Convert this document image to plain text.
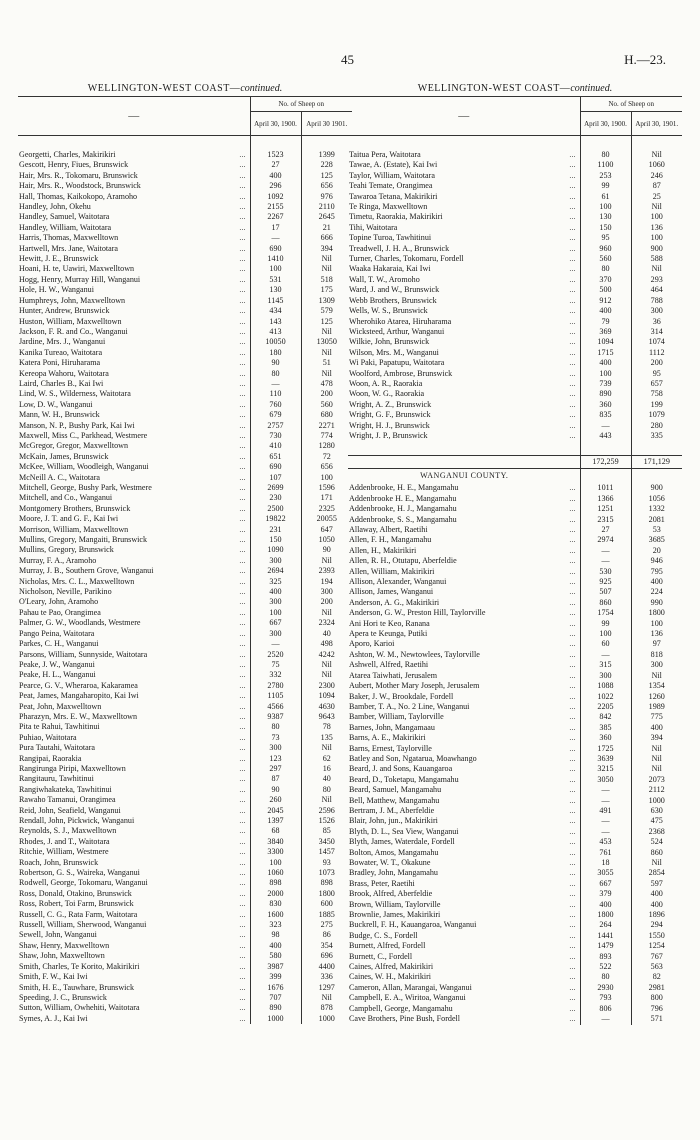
45	H.—23.
WELLINGTON-WEST COAST—continued.
—	No. of Sheep on	
	April 30, 1900.	April 30 1901.

Georgetti, Charles, Makirikiri ...	1523	1399
Gescott, Henry, Fiues, Brunswick ...	27	228
Hair, Mrs. R., Tokomaru, Brunswick ...	400	125
Hair, Mrs. R., Woodstock, Brunswick ...	296	656
Hall, Thomas, Kaikokopo, Aramoho ...	1092	976
Handley, John, Okehu ...	2155	2110
Handley, Samuel, Waitotara ...	2267	2645
Handley, William, Waitotara ...	17	21
Harris, Thomas, Maxwelltown ...	—	666
Hartwell, Mrs. Jane, Waitotara ...	690	394
Hewitt, J. E., Brunswick ...	1410	Nil
Hoani, H. te, Uawiri, Maxwelltown ...	100	Nil
Hogg, Henry, Murray Hill, Wanganui ...	531	518
Hole, H. W., Wanganui ...	130	175
Humphreys, John, Maxwelltown ...	1145	1309
Hunter, Andrew, Brunswick ...	434	579
Huston, William, Maxwelltown ...	143	125
Jackson, F. R. and Co., Wanganui ...	413	Nil
Jardine, Mrs. J., Wanganui ...	10050	13050
Kanika Tureao, Waitotara ...	180	Nil
Katera Poni, Hiruharama ...	90	51
Kereopa Wahoru, Waitotara ...	80	Nil
Laird, Charles B., Kai Iwi ...	—	478
Lind, W. S., Wilderness, Waitotara ...	110	200
Low, D. W., Wanganui ...	760	560
Mann, W. H., Brunswick ...	679	680
Manson, N. P., Bushy Park, Kai Iwi ...	2757	2271
Maxwell, Miss C., Parkhead, Westmere ...	730	774
McGregor, Gregor, Maxwelltown ...	410	1280
McKain, James, Brunswick ...	651	72
McKee, William, Woodleigh, Wanganui ...	690	656
McNeill A. C., Waitotara ...	107	100
Mitchell, George, Bushy Park, Westmere ...	2699	1596
Mitchell, and Co., Wanganui ...	230	171
Montgomery Brothers, Brunswick ...	2500	2325
Moore, J. T. and G. F., Kai Iwi ...	19822	20055
Morrison, William, Maxwelltown ...	231	647
Mullins, Gregory, Mangaiti, Brunswick ...	150	1050
Mullins, Gregory, Brunswick ...	1090	90
Murray, F. A., Aramoho ...	300	Nil
Murray, J. B., Southern Grove, Wanganui ...	2694	2393
Nicholas, Mrs. C. L., Maxwelltown ...	325	194
Nicholson, Neville, Parikino ...	400	300
O'Leary, John, Aramoho ...	300	200
Pahau te Pao, Orangimea ...	100	Nil
Palmer, G. W., Woodlands, Westmere ...	667	2324
Pango Peina, Waitotara ...	300	40
Parkes, C. H., Wanganui ...	—	498
Parsons, William, Sunnyside, Waitotara ...	2520	4242
Peake, J. W., Wanganui ...	75	Nil
Peake, H. L., Wanganui ...	332	Nil
Pearce, G. V., Wheraroa, Kakaramea ...	2780	2300
Peat, James, Mangaharopito, Kai Iwi ...	1105	1094
Peat, John, Maxwelltown ...	4566	4630
Pharazyn, Mrs. E. W., Maxwelltown ...	9387	9643
Pita te Rahui, Tawhitinui ...	80	78
Puhiao, Waitotara ...	73	135
Pura Tautahi, Waitotara ...	300	Nil
Rangipai, Raorakia ...	123	62
Rangirunga Piripi, Maxwelltown ...	297	16
Rangitauru, Tawhitinui ...	87	40
Rangiwhakateka, Tawhitinui ...	90	80
Rawaho Tamanui, Orangimea ...	260	Nil
Reid, John, Seafield, Wanganui ...	2045	2596
Rendall, John, Pickwick, Wanganui ...	1397	1526
Reynolds, S. J., Maxwelltown ...	68	85
Rhodes, J. and T., Waitotara ...	3840	3450
Ritchie, William, Westmere ...	3300	1457
Roach, John, Brunswick ...	100	93
Robertson, G. S., Waireka, Wanganui ...	1060	1073
Rodwell, George, Tokomaru, Wanganui ...	898	898
Ross, Donald, Otakino, Brunswick ...	2000	1800
Ross, Robert, Toi Farm, Brunswick ...	830	600
Russell, C. G., Rata Farm, Waitotara ...	1600	1885
Russell, William, Sherwood, Wanganui ...	323	275
Sewell, John, Wanganui ...	98	86
Shaw, Henry, Maxwelltown ...	400	354
Shaw, John, Maxwelltown ...	580	696
Smith, Charles, Te Korito, Makirikiri ...	3987	4400
Smith, F. W., Kai Iwi ...	399	336
Smith, H. E., Tauwhare, Brunswick ...	1676	1297
Speeding, J. C., Brunswick ...	707	Nil
Sutton, William, Owhehiti, Waitotara ...	890	878
Symes, A. J., Kai Iwi ...	1000	1000
WELLINGTON-WEST COAST—continued.
—	No. of Sheep on	
	April 30, 1900.	April 30, 1901.

Taitua Pera, Waitotara ...	80	Nil
Tawae, A. (Estate), Kai Iwi ...	1100	1060
Taylor, William, Waitotara ...	253	246
Teahi Temate, Orangimea ...	99	87
Tawaroa Tetana, Makirikiri ...	61	25
Te Ringa, Maxwelltown ...	100	Nil
Timetu, Raorakia, Makirikiri ...	130	100
Tihi, Waitotara ...	150	136
Topine Turoa, Tawhitinui ...	95	100
Treadwell, J. H. A., Brunswick ...	960	900
Turner, Charles, Tokomaru, Fordell ...	560	588
Waaka Hakaraia, Kai Iwi ...	80	Nil
Wall, T. W., Aromoho ...	370	293
Ward, J. and W., Brunswick ...	500	464
Webb Brothers, Brunswick ...	912	788
Wells, W. S., Brunswick ...	400	300
Wherohiko Atarea, Hiruharama ...	79	36
Wicksteed, Arthur, Wanganui ...	369	314
Wilkie, John, Brunswick ...	1094	1074
Wilson, Mrs. M., Wanganui ...	1715	1112
Wi Paki, Papatupu, Waitotara ...	400	200
Woolford, Ambrose, Brunswick ...	100	95
Woon, A. R., Raorakia ...	739	657
Woon, W. G., Raorakia ...	890	758
Wright, A. Z., Brunswick ...	360	199
Wright, G. F., Brunswick ...	835	1079
Wright, H. J., Brunswick ...	—	280
Wright, J. P., Brunswick ...	443	335

	172,259	171,129
WANGANUI COUNTY.		
Addenbrooke, H. E., Mangamahu ...	1011	900
Addenbrooke H. E., Mangamahu ...	1366	1056
Addenbrooke, H. J., Mangamahu ...	1251	1332
Addenbrooke, S. S., Mangamahu ...	2315	2081
Allaway, Albert, Raetihi ...	27	53
Allen, F. H., Mangamahu ...	2974	3685
Allen, H., Makirikiri ...	—	20
Allen, R. H., Otutapu, Aberfeldie ...	—	946
Allen, William, Makirikiri ...	530	795
Allison, Alexander, Wanganui ...	925	400
Allison, James, Wanganui ...	507	224
Anderson, A. G., Makirikiri ...	860	990
Anderson, G. W., Preston Hill, Taylorville ...	1754	1800
Ani Hori te Keo, Ranana ...	99	100
Apera te Keunga, Putiki ...	100	136
Aporo, Karioi ...	60	97
Ashton, W. M., Newtowlees, Taylorville ...	—	818
Ashwell, Alfred, Raetihi ...	315	300
Atarea Taiwhati, Jerusalem ...	300	Nil
Aubert, Mother Mary Joseph, Jerusalem ...	1088	1354
Baker, J. W., Brookdale, Fordell ...	1022	1260
Bamber, T. A., No. 2 Line, Wanganui ...	2205	1989
Bamber, William, Taylorville ...	842	775
Barnes, John, Mangamaau ...	385	400
Barns, A. E., Makirikiri ...	360	394
Barns, Ernest, Taylorville ...	1725	Nil
Batley and Son, Ngatarua, Moawhango ...	3639	Nil
Beard, J. and Sons, Kauangaroa ...	3215	Nil
Beard, D., Toketapu, Mangamahu ...	3050	2073
Beard, Samuel, Mangamahu ...	—	2112
Bell, Matthew, Mangamahu ...	—	1000
Bertram, J. M., Aberfeldie ...	491	630
Blair, John, jun., Makirikiri ...	—	475
Blyth, D. L., Sea View, Wanganui ...	—	2368
Blyth, James, Waterdale, Fordell ...	453	524
Bolton, Amos, Mangamahu ...	761	860
Bowater, W. T., Okakune ...	18	Nil
Bradley, John, Mangamahu ...	3055	2854
Brass, Peter, Raetihi ...	667	597
Brook, Alfred, Aberfeldie ...	379	400
Brown, William, Taylorville ...	400	400
Brownlie, James, Makirikiri ...	1800	1896
Buckrell, F. H., Kauangaroa, Wanganui ...	264	294
Budge, C. S., Fordell ...	1441	1550
Burnett, Alfred, Fordell ...	1479	1254
Burnett, C., Fordell ...	893	767
Caines, Alfred, Makirikiri ...	522	563
Caines, W. H., Makirikiri ...	80	82
Cameron, Allan, Marangai, Wanganui ...	2930	2981
Campbell, E. A., Wiritoa, Wanganui ...	793	800
Campbell, George, Mangamahu ...	806	796
Cave Brothers, Pine Bush, Fordell ...	—	571
